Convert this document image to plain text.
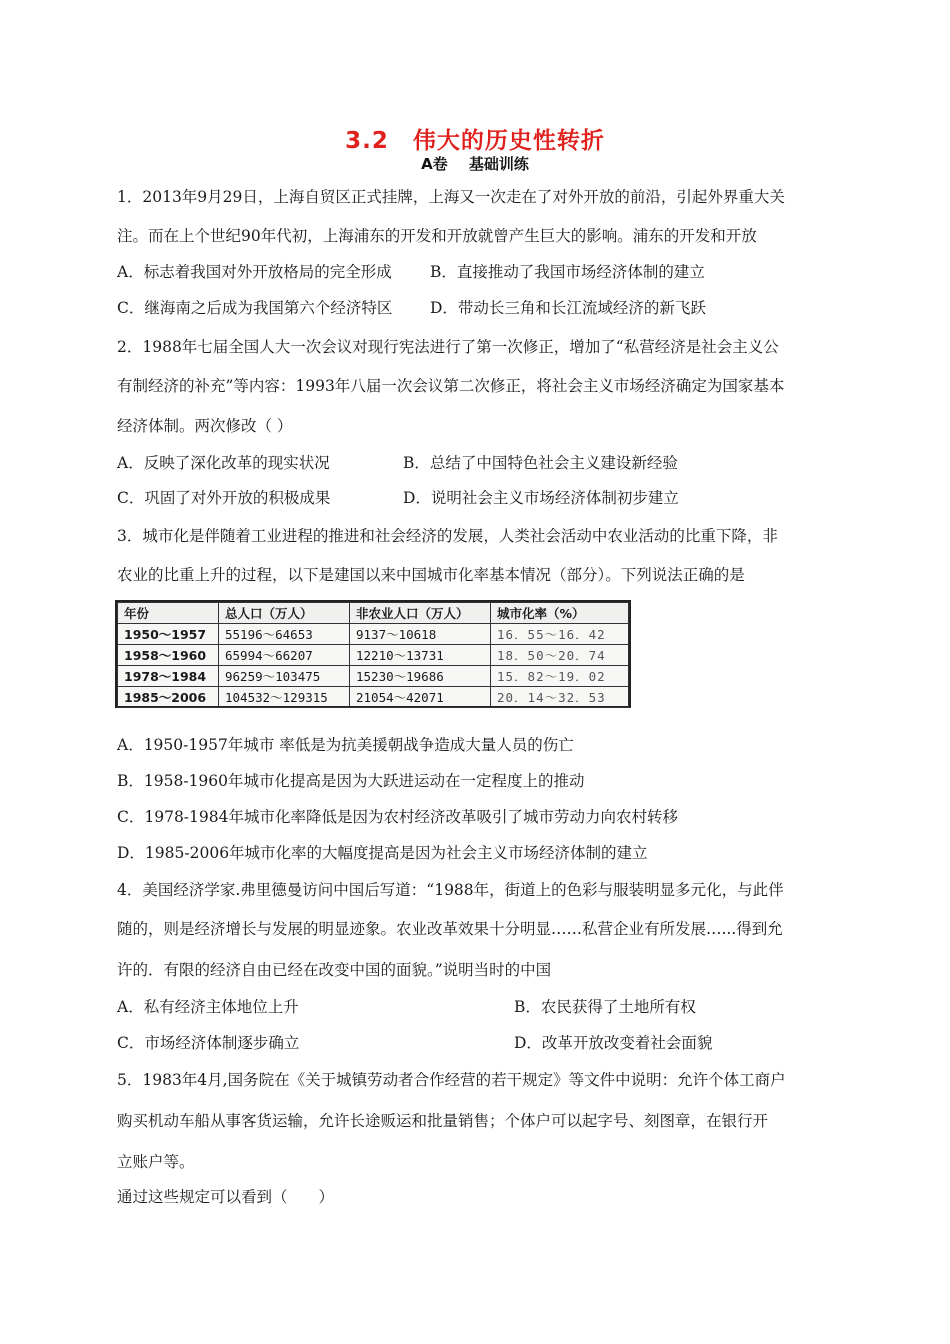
3.2　伟大的历史性转折
A卷 基础训练
1．2013年9月29日，上海自贸区正式挂牌，上海又一次走在了对外开放的前沿，引起外界重大关
注。而在上个世纪90年代初，上海浦东的开发和开放就曾产生巨大的影响。浦东的开发和开放
A．标志着我国对外开放格局的完全形成 B．直接推动了我国市场经济体制的建立
C．继海南之后成为我国第六个经济特区 D．带动长三角和长江流域经济的新飞跃
2．1988年七届全国人大一次会议对现行宪法进行了第一次修正，增加了“私营经济是社会主义公
有制经济的补充”等内容：1993年八届一次会议第二次修正，将社会主义市场经济确定为国家基本
经济体制。两次修改（ ）
A．反映了深化改革的现实状况	B．总结了中国特色社会主义建设新经验
C．巩固了对外开放的积极成果	D．说明社会主义市场经济体制初步建立
3．城市化是伴随着工业进程的推进和社会经济的发展，人类社会活动中农业活动的比重下降，非
农业的比重上升的过程，以下是建国以来中国城市化率基本情况（部分）。下列说法正确的是
年份	总人口（万人）	非农业人口（万人）	城市化率（%）
1950～1957	55196～64653	9137～10618	16．55～16．42
1958～1960	65994～66207	12210～13731	18．50～20．74
1978～1984	96259～103475	15230～19686	15．82～19．02
1985～2006	104532～129315	21054～42071	20．14～32．53
A．1950-1957年城市 率低是为抗美援朝战争造成大量人员的伤亡
B．1958-1960年城市化提高是因为大跃进运动在一定程度上的推动
C．1978-1984年城市化率降低是因为农村经济改革吸引了城市劳动力向农村转移
D．1985-2006年城市化率的大幅度提高是因为社会主义市场经济体制的建立
4．美国经济学家.弗里德曼访问中国后写道：“1988年，街道上的色彩与服装明显多元化，与此伴
随的，则是经济增长与发展的明显迹象。农业改革效果十分明显……私营企业有所发展…...得到允
许的．有限的经济自由已经在改变中国的面貌。”说明当时的中国
A．私有经济主体地位上升	B．农民获得了土地所有权
C．市场经济体制逐步确立	D．改革开放改变着社会面貌
5．1983年4月,国务院在《关于城镇劳动者合作经营的若干规定》等文件中说明：允许个体工商户
购买机动车船从事客货运输，允许长途贩运和批量销售；个体户可以起字号、刻图章，在银行开
立账户等。
通过这些规定可以看到（　　）
